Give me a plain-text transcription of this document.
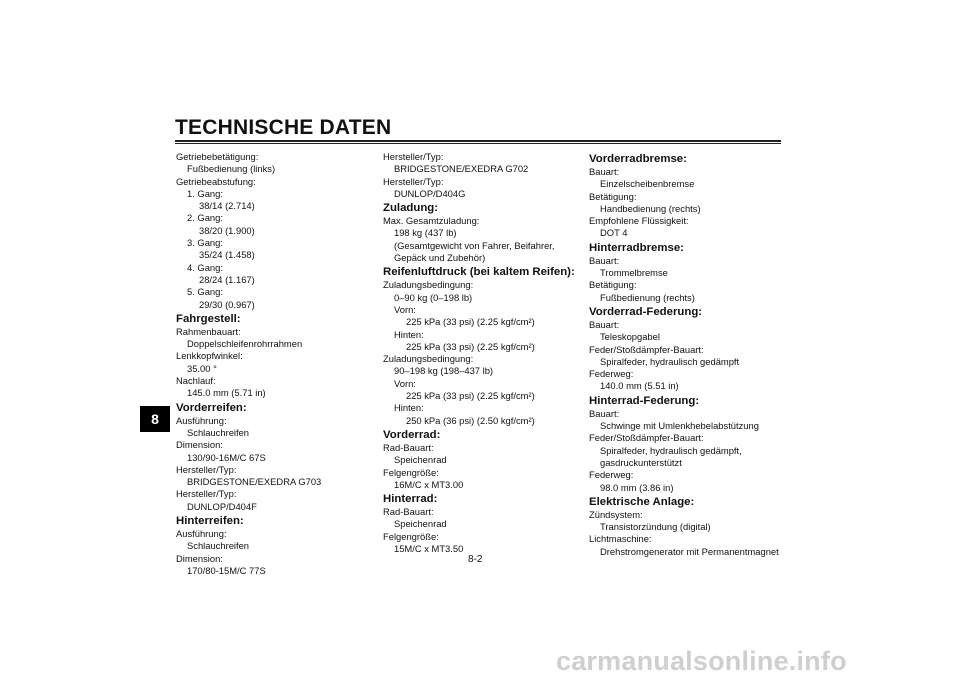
TECHNISCHE DATEN
8
Getriebebetätigung:
Fußbedienung (links)
Getriebeabstufung:
1. Gang:
38/14 (2.714)
2. Gang:
38/20 (1.900)
3. Gang:
35/24 (1.458)
4. Gang:
28/24 (1.167)
5. Gang:
29/30 (0.967)
Fahrgestell:
Rahmenbauart:
Doppelschleifenrohrrahmen
Lenkkopfwinkel:
35.00 °
Nachlauf:
145.0 mm (5.71 in)
Vorderreifen:
Ausführung:
Schlauchreifen
Dimension:
130/90-16M/C 67S
Hersteller/Typ:
BRIDGESTONE/EXEDRA G703
Hersteller/Typ:
DUNLOP/D404F
Hinterreifen:
Ausführung:
Schlauchreifen
Dimension:
170/80-15M/C 77S
Hersteller/Typ:
BRIDGESTONE/EXEDRA G702
Hersteller/Typ:
DUNLOP/D404G
Zuladung:
Max. Gesamtzuladung:
198 kg (437 lb)
(Gesamtgewicht von Fahrer, Beifahrer,
Gepäck und Zubehör)
Reifenluftdruck (bei kaltem Reifen):
Zuladungsbedingung:
0–90 kg (0–198 lb)
Vorn:
225 kPa (33 psi) (2.25 kgf/cm²)
Hinten:
225 kPa (33 psi) (2.25 kgf/cm²)
Zuladungsbedingung:
90–198 kg (198–437 lb)
Vorn:
225 kPa (33 psi) (2.25 kgf/cm²)
Hinten:
250 kPa (36 psi) (2.50 kgf/cm²)
Vorderrad:
Rad-Bauart:
Speichenrad
Felgengröße:
16M/C x MT3.00
Hinterrad:
Rad-Bauart:
Speichenrad
Felgengröße:
15M/C x MT3.50
Vorderradbremse:
Bauart:
Einzelscheibenbremse
Betätigung:
Handbedienung (rechts)
Empfohlene Flüssigkeit:
DOT 4
Hinterradbremse:
Bauart:
Trommelbremse
Betätigung:
Fußbedienung (rechts)
Vorderrad-Federung:
Bauart:
Teleskopgabel
Feder/Stoßdämpfer-Bauart:
Spiralfeder, hydraulisch gedämpft
Federweg:
140.0 mm (5.51 in)
Hinterrad-Federung:
Bauart:
Schwinge mit Umlenkhebelabstützung
Feder/Stoßdämpfer-Bauart:
Spiralfeder, hydraulisch gedämpft,
gasdruckunterstützt
Federweg:
98.0 mm (3.86 in)
Elektrische Anlage:
Zündsystem:
Transistorzündung (digital)
Lichtmaschine:
Drehstromgenerator mit Permanentmagnet
8-2
carmanualsonline.info
